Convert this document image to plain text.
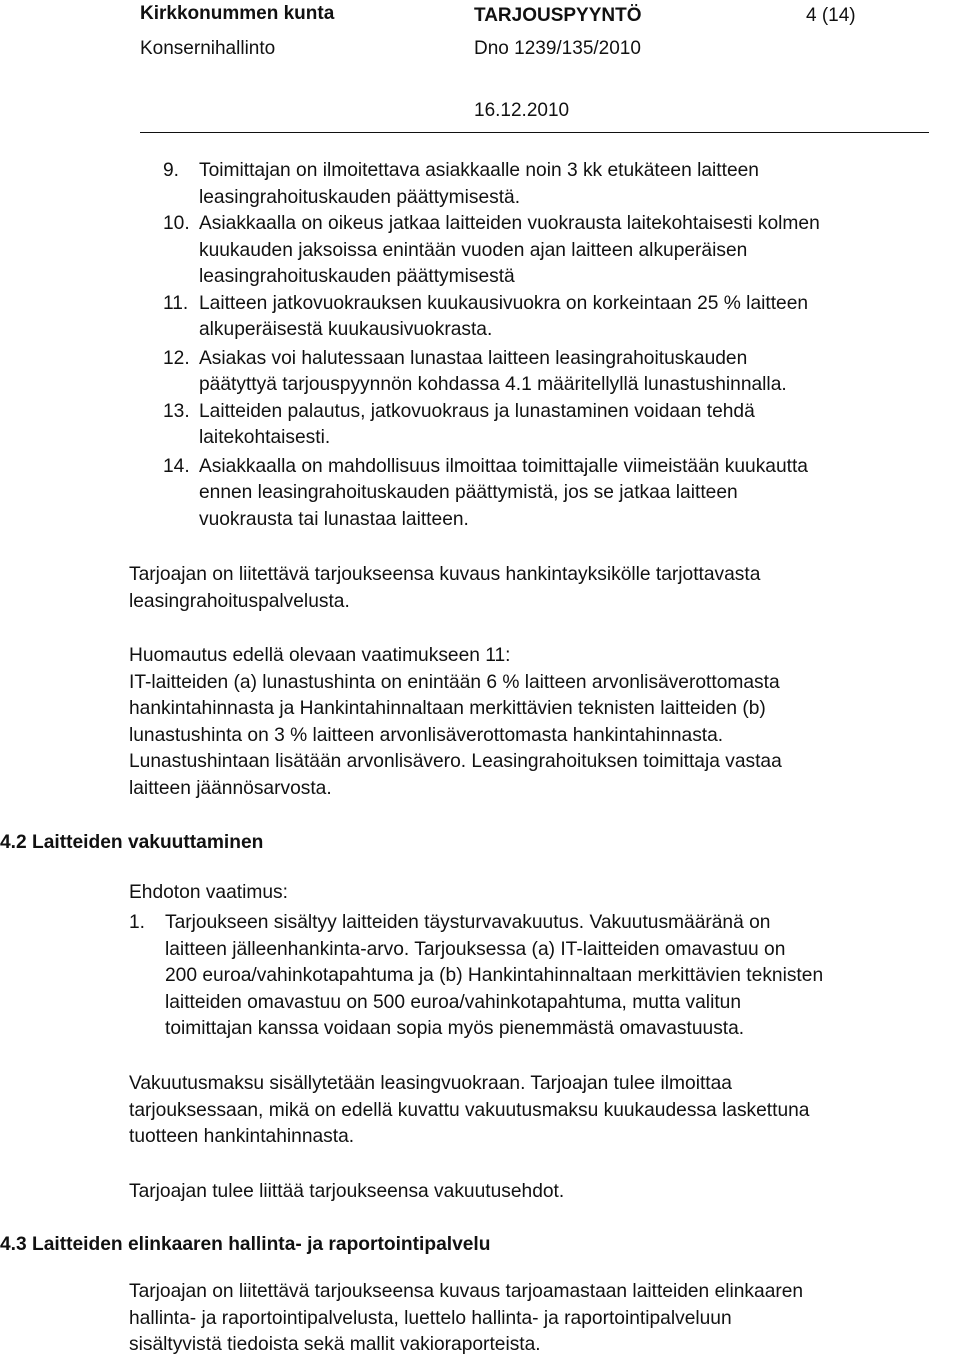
Kirkkonummen kunta
Konsernihallinto
TARJOUSPYYNTÖ
Dno 1239/135/2010
4 (14)
16.12.2010
9. Toimittajan on ilmoitettava asiakkaalle noin 3 kk etukäteen laitteen
leasingrahoituskauden päättymisestä.
10. Asiakkaalla on oikeus jatkaa laitteiden vuokrausta laitekohtaisesti kolmen
kuukauden jaksoissa enintään vuoden ajan laitteen alkuperäisen
leasingrahoituskauden päättymisestä
11. Laitteen jatkovuokrauksen kuukausivuokra on korkeintaan 25 % laitteen
alkuperäisestä kuukausivuokrasta.
12. Asiakas voi halutessaan lunastaa laitteen leasingrahoituskauden
päätyttyä tarjouspyynnön kohdassa 4.1 määritellyllä lunastushinnalla.
13. Laitteiden palautus, jatkovuokraus ja lunastaminen voidaan tehdä
laitekohtaisesti.
14. Asiakkaalla on mahdollisuus ilmoittaa toimittajalle viimeistään kuukautta
ennen leasingrahoituskauden päättymistä, jos se jatkaa laitteen
vuokrausta tai lunastaa laitteen.
Tarjoajan on liitettävä tarjoukseensa kuvaus hankintayksikölle tarjottavasta
leasingrahoituspalvelusta.
Huomautus edellä olevaan vaatimukseen 11:
IT-laitteiden (a) lunastushinta on enintään 6 % laitteen arvonlisäverottomasta
hankintahinnasta ja Hankintahinnaltaan merkittävien teknisten laitteiden (b)
lunastushinta on 3 % laitteen arvonlisäverottomasta hankintahinnasta.
Lunastushintaan lisätään arvonlisävero. Leasingrahoituksen toimittaja vastaa
laitteen jäännösarvosta.
4.2 Laitteiden vakuuttaminen
Ehdoton vaatimus:
1. Tarjoukseen sisältyy laitteiden täysturvavakuutus. Vakuutusmääränä on
laitteen jälleenhankinta-arvo. Tarjouksessa (a) IT-laitteiden omavastuu on
200 euroa/vahinkotapahtuma ja (b) Hankintahinnaltaan merkittävien teknisten
laitteiden omavastuu on 500 euroa/vahinkotapahtuma, mutta valitun
toimittajan kanssa voidaan sopia myös pienemmästä omavastuusta.
Vakuutusmaksu sisällytetään leasingvuokraan. Tarjoajan tulee ilmoittaa
tarjouksessaan, mikä on edellä kuvattu vakuutusmaksu kuukaudessa laskettuna
tuotteen hankintahinnasta.
Tarjoajan tulee liittää tarjoukseensa vakuutusehdot.
4.3 Laitteiden elinkaaren hallinta- ja raportointipalvelu
Tarjoajan on liitettävä tarjoukseensa kuvaus tarjoamastaan laitteiden elinkaaren
hallinta- ja raportointipalvelusta, luettelo hallinta- ja raportointipalveluun
sisältyvistä tiedoista sekä mallit vakioraporteista.
